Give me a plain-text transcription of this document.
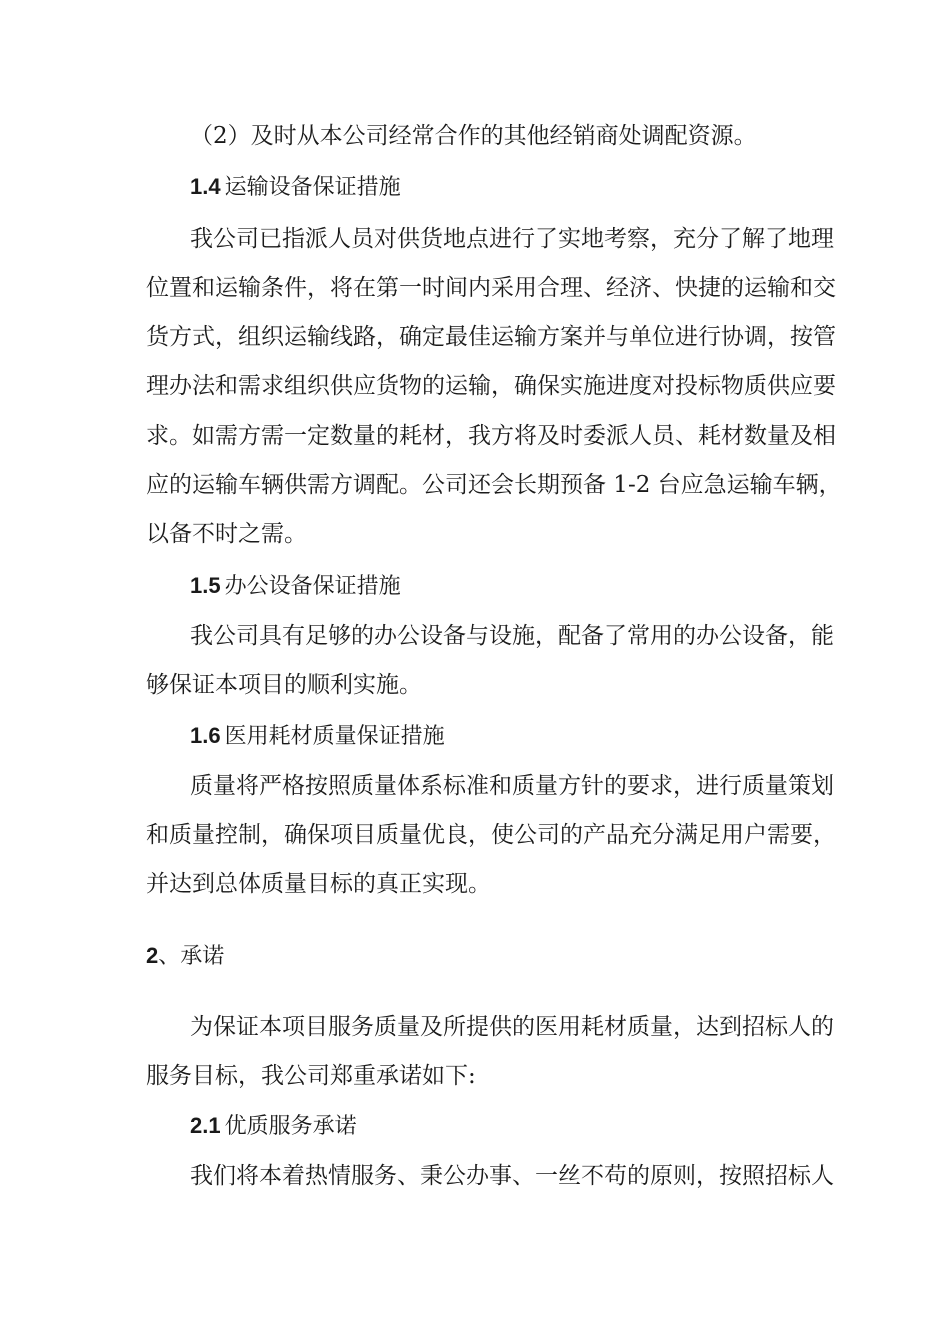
（2）及时从本公司经常合作的其他经销商处调配资源。
1.4 运输设备保证措施
我公司已指派人员对供货地点进行了实地考察，充分了解了地理
位置和运输条件，将在第一时间内采用合理、经济、快捷的运输和交
货方式，组织运输线路，确定最佳运输方案并与单位进行协调，按管
理办法和需求组织供应货物的运输，确保实施进度对投标物质供应要
求。如需方需一定数量的耗材，我方将及时委派人员、耗材数量及相
应的运输车辆供需方调配。公司还会长期预备 1-2 台应急运输车辆，
以备不时之需。
1.5 办公设备保证措施
我公司具有足够的办公设备与设施，配备了常用的办公设备，能
够保证本项目的顺利实施。
1.6 医用耗材质量保证措施
质量将严格按照质量体系标准和质量方针的要求，进行质量策划
和质量控制，确保项目质量优良，使公司的产品充分满足用户需要，
并达到总体质量目标的真正实现。
2、承诺
为保证本项目服务质量及所提供的医用耗材质量，达到招标人的
服务目标，我公司郑重承诺如下:
2.1 优质服务承诺
我们将本着热情服务、秉公办事、一丝不苟的原则，按照招标人
